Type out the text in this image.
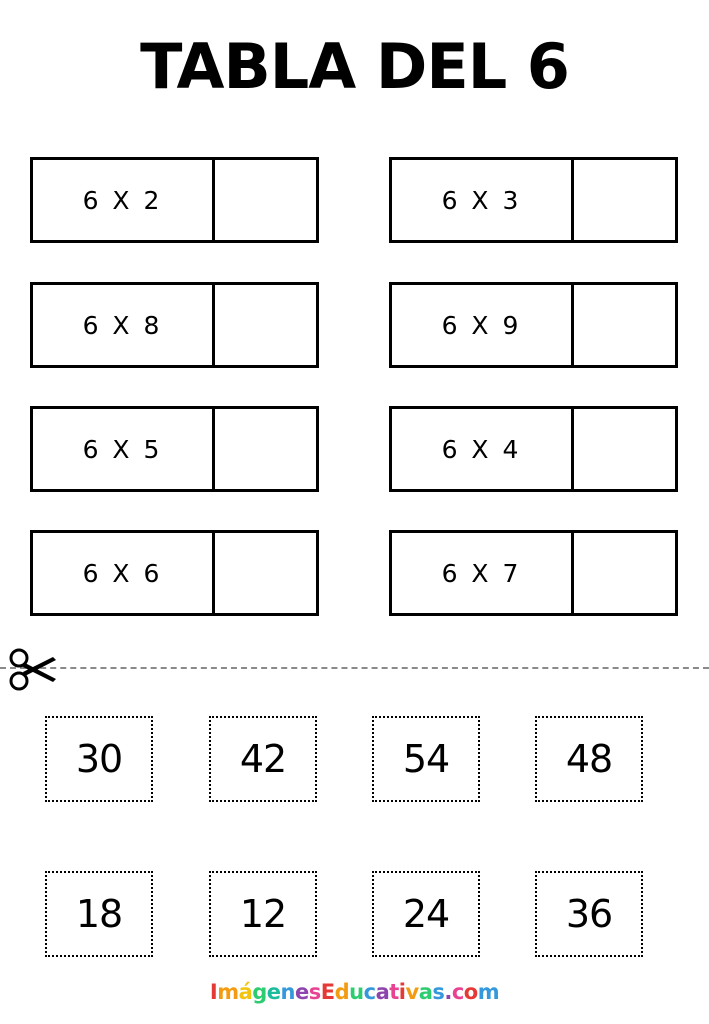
TABLA DEL 6
6 X 2	6 X 3
6 X 8	6 X 9
6 X 5	6 X 4
6 X 6	6 X 7
30	42	54	48
18	12	24	36
ImágenesEducativas.com
